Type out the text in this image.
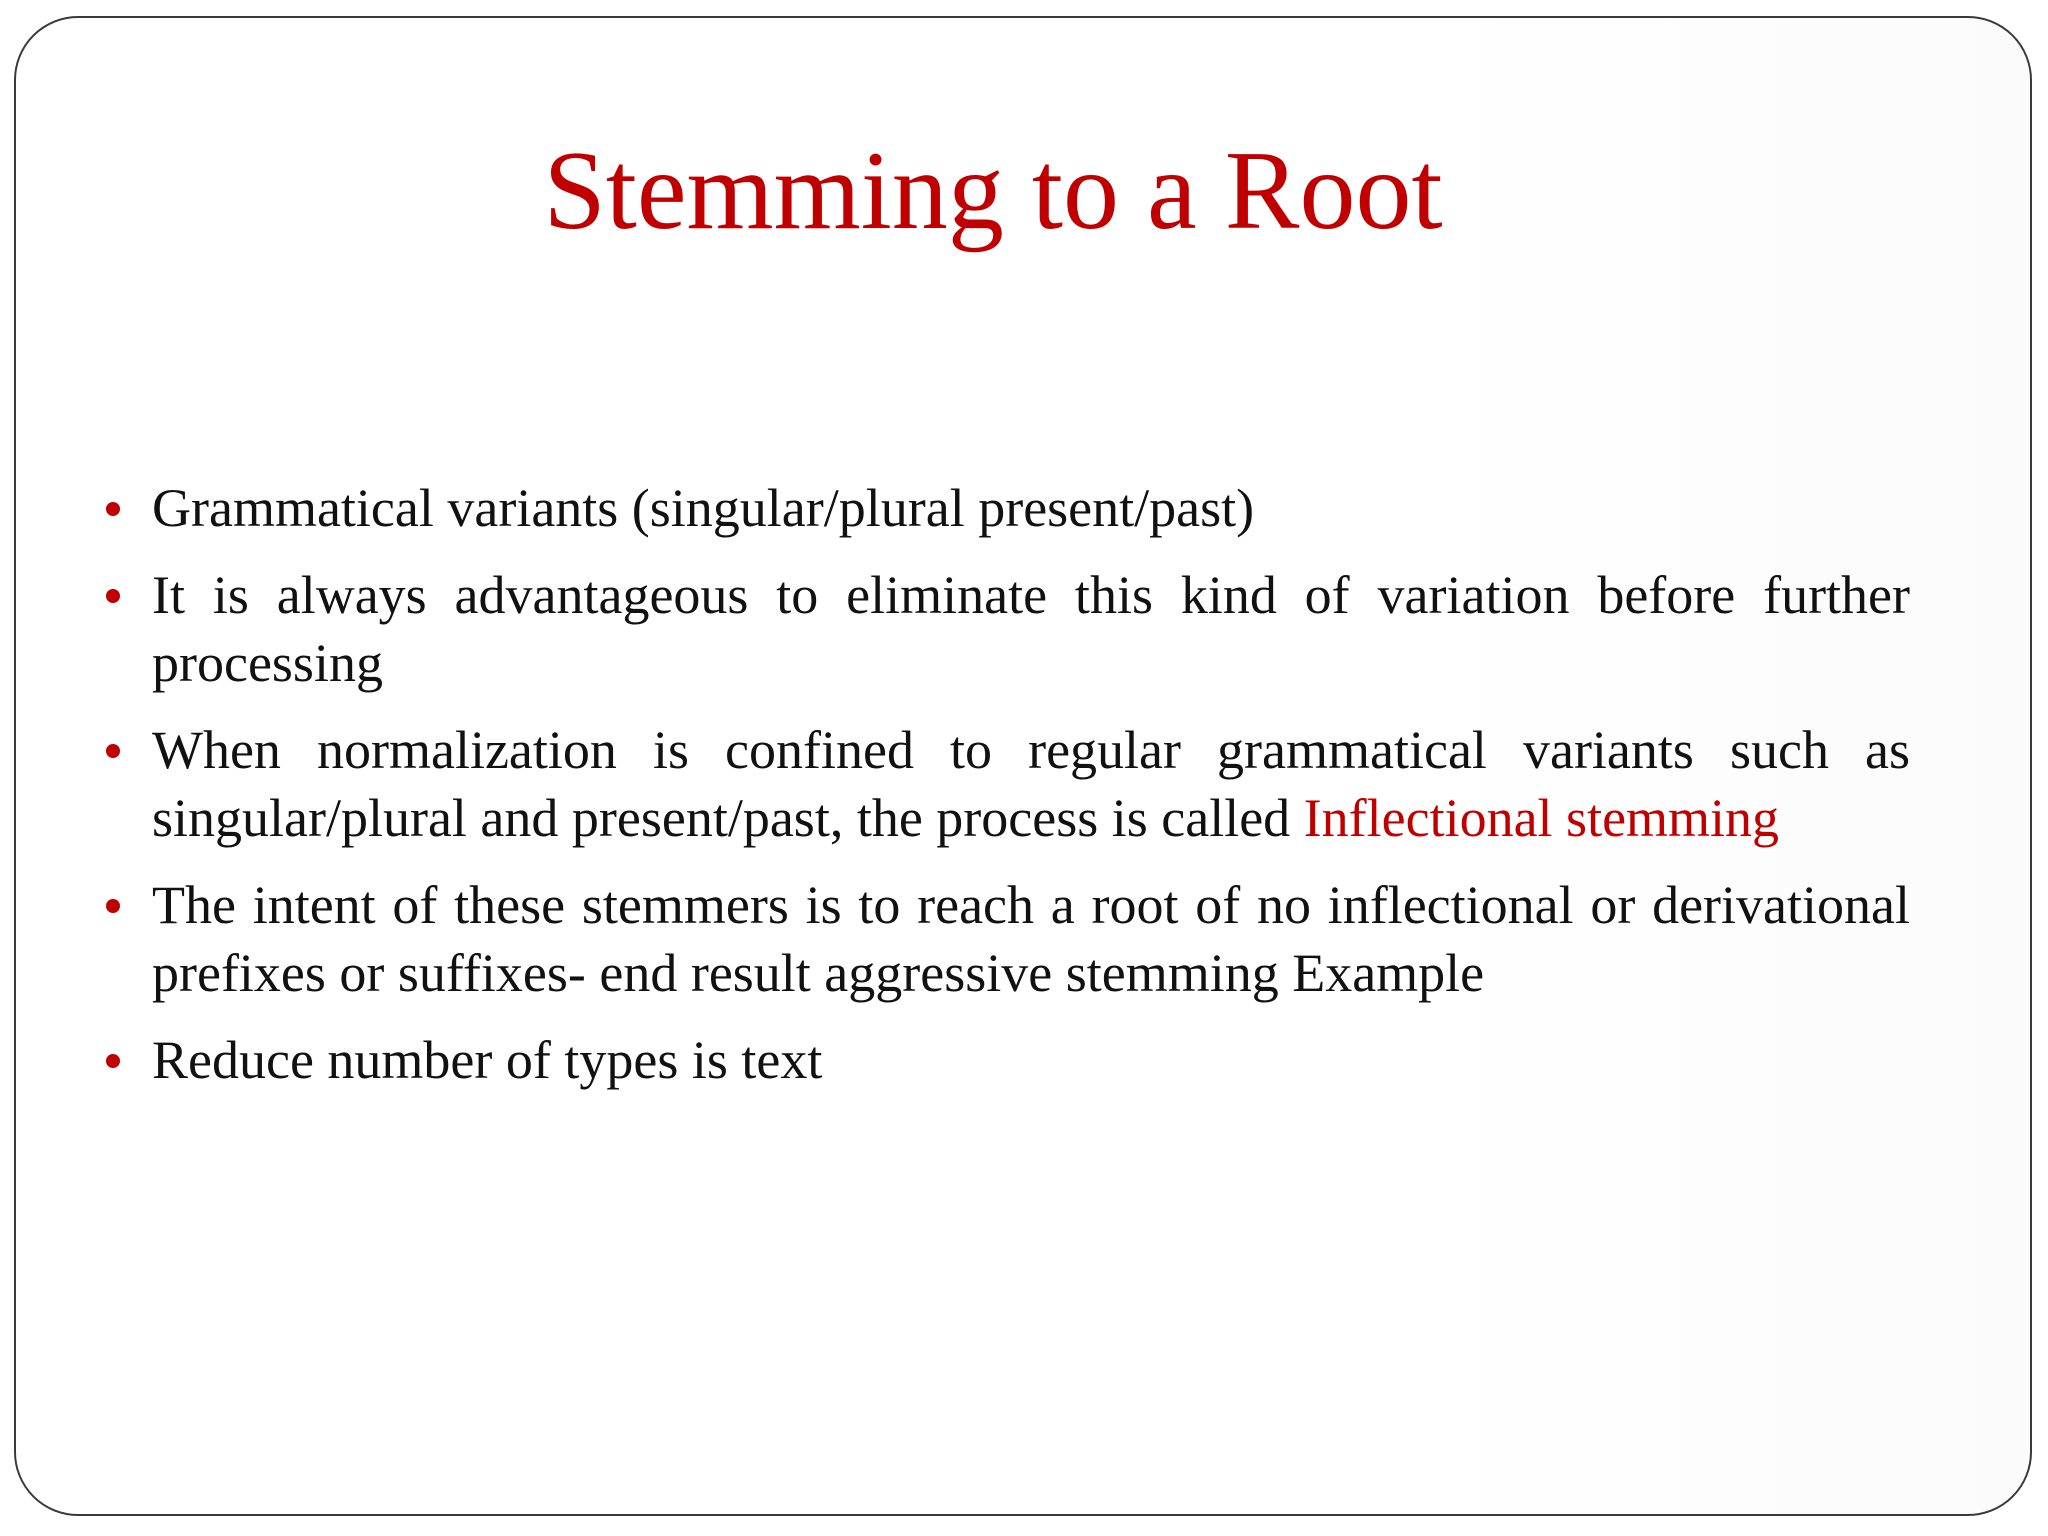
Stemming to a Root
Grammatical variants (singular/plural present/past)
It is always advantageous to eliminate this kind of variation before further processing
When normalization is confined to regular grammatical variants such as singular/plural and present/past, the process is called Inflectional stemming
The intent of these stemmers is to reach a root of no inflectional or derivational prefixes or suffixes- end result aggressive stemming Example
Reduce number of types is text
